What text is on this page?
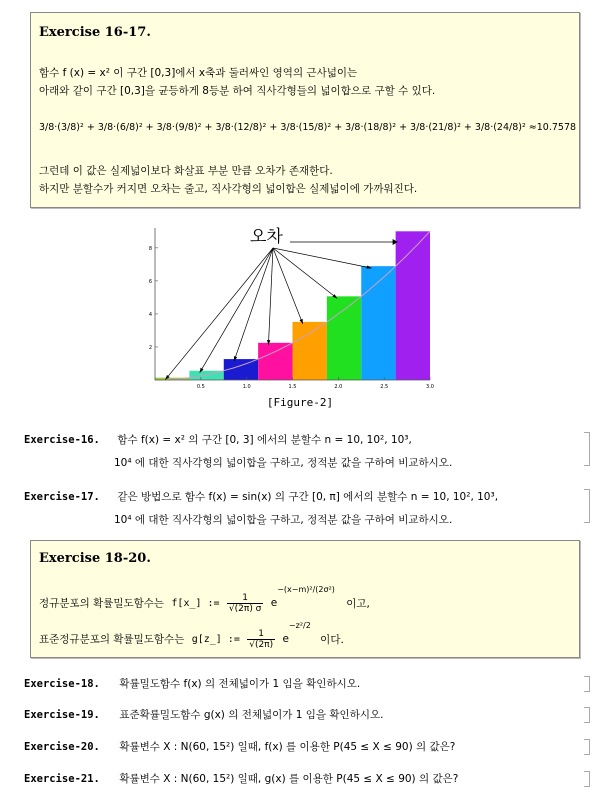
Exercise 16-17.
함수 f (x) = x² 이 구간 [0,3]에서 x축과 둘러싸인 영역의 근사넓이는
아래와 같이 구간 [0,3]을 균등하게 8등분 하여 직사각형들의 넓이합으로 구할 수 있다.
3/8·(3/8)² + 3/8·(6/8)² + 3/8·(9/8)² + 3/8·(12/8)² + 3/8·(15/8)² + 3/8·(18/8)² + 3/8·(21/8)² + 3/8·(24/8)² ≈10.7578
그런데 이 값은 실제넓이보다 화살표 부분 만큼 오차가 존재한다.
하지만 분할수가 커지면 오차는 줄고, 직사각형의 넓이합은 실제넓이에 가까워진다.
0.5	1.0	1.5	2.0	2.5	3.0
2
4
6
8
오차
[Figure-2]
Exercise-16. 함수 f(x) = x² 의 구간 [0, 3] 에서의 분할수 n = 10, 10², 10³,
10⁴ 에 대한 직사각형의 넓이합을 구하고, 정적분 값을 구하여 비교하시오.
Exercise-17. 같은 방법으로 함수 f(x) = sin(x) 의 구간 [0, π] 에서의 분할수 n = 10, 10², 10³,
10⁴ 에 대한 직사각형의 넓이합을 구하고, 정적분 값을 구하여 비교하시오.
Exercise 18-20.
정규분포의 확률밀도함수는 f[x_] := $\frac{1}{√(2\pi) \sigma} e^{-(x-m)^2/(2\sigma^2)}$ 이고,
표준정규분포의 확률밀도함수는 g[z_] := $\frac{1}{√(2\pi)} e^{-z^2/2}$ 이다.
Exercise-18. 확률밀도함수 f(x) 의 전체넓이가 1 임을 확인하시오.
Exercise-19. 표준확률밀도함수 g(x) 의 전체넓이가 1 임을 확인하시오.
Exercise-20. 확률변수 X : N(60, 15²) 일때, f(x) 를 이용한 P(45 ≤ X ≤ 90) 의 값은?
Exercise-21. 확률변수 X : N(60, 15²) 일때, g(x) 를 이용한 P(45 ≤ X ≤ 90) 의 값은?
